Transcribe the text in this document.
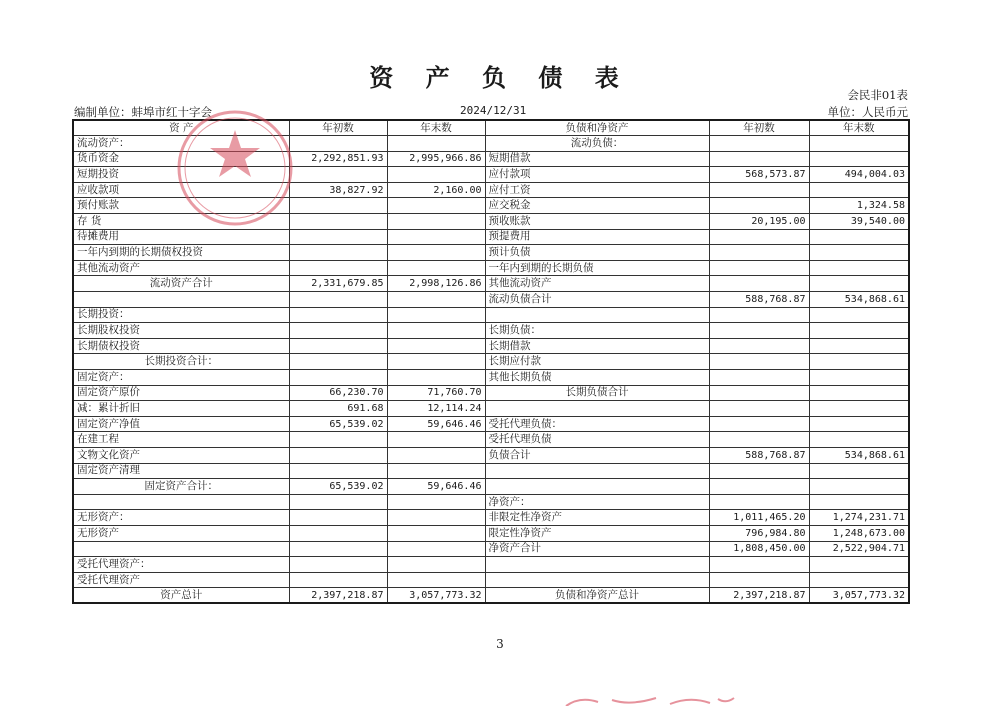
资 产 负 债 表
会民非01表
编制单位：蚌埠市红十字会	2024/12/31	单位：人民币元
资 产	年初数	年末数	负债和净资产	年初数	年末数
流动资产：			流动负债：		
货币资金	2,292,851.93	2,995,966.86	短期借款		
短期投资			应付款项	568,573.87	494,004.03
应收款项	38,827.92	2,160.00	应付工资		
预付账款			应交税金		1,324.58
存 货			预收账款	20,195.00	39,540.00
待摊费用			预提费用		
一年内到期的长期债权投资			预计负债		
其他流动资产			一年内到期的长期负债		
流动资产合计	2,331,679.85	2,998,126.86	其他流动资产		
			流动负债合计	588,768.87	534,868.61
长期投资：					
长期股权投资			长期负债：		
长期债权投资			长期借款		
长期投资合计：			长期应付款		
固定资产：			其他长期负债		
固定资产原价	66,230.70	71,760.70	长期负债合计		
减：累计折旧	691.68	12,114.24			
固定资产净值	65,539.02	59,646.46	受托代理负债：		
在建工程			受托代理负债		
文物文化资产			负债合计	588,768.87	534,868.61
固定资产清理					
固定资产合计：	65,539.02	59,646.46			
			净资产：		
无形资产：			非限定性净资产	1,011,465.20	1,274,231.71
无形资产			限定性净资产	796,984.80	1,248,673.00
			净资产合计	1,808,450.00	2,522,904.71
受托代理资产：					
受托代理资产					
资产总计	2,397,218.87	3,057,773.32	负债和净资产总计	2,397,218.87	3,057,773.32
3
